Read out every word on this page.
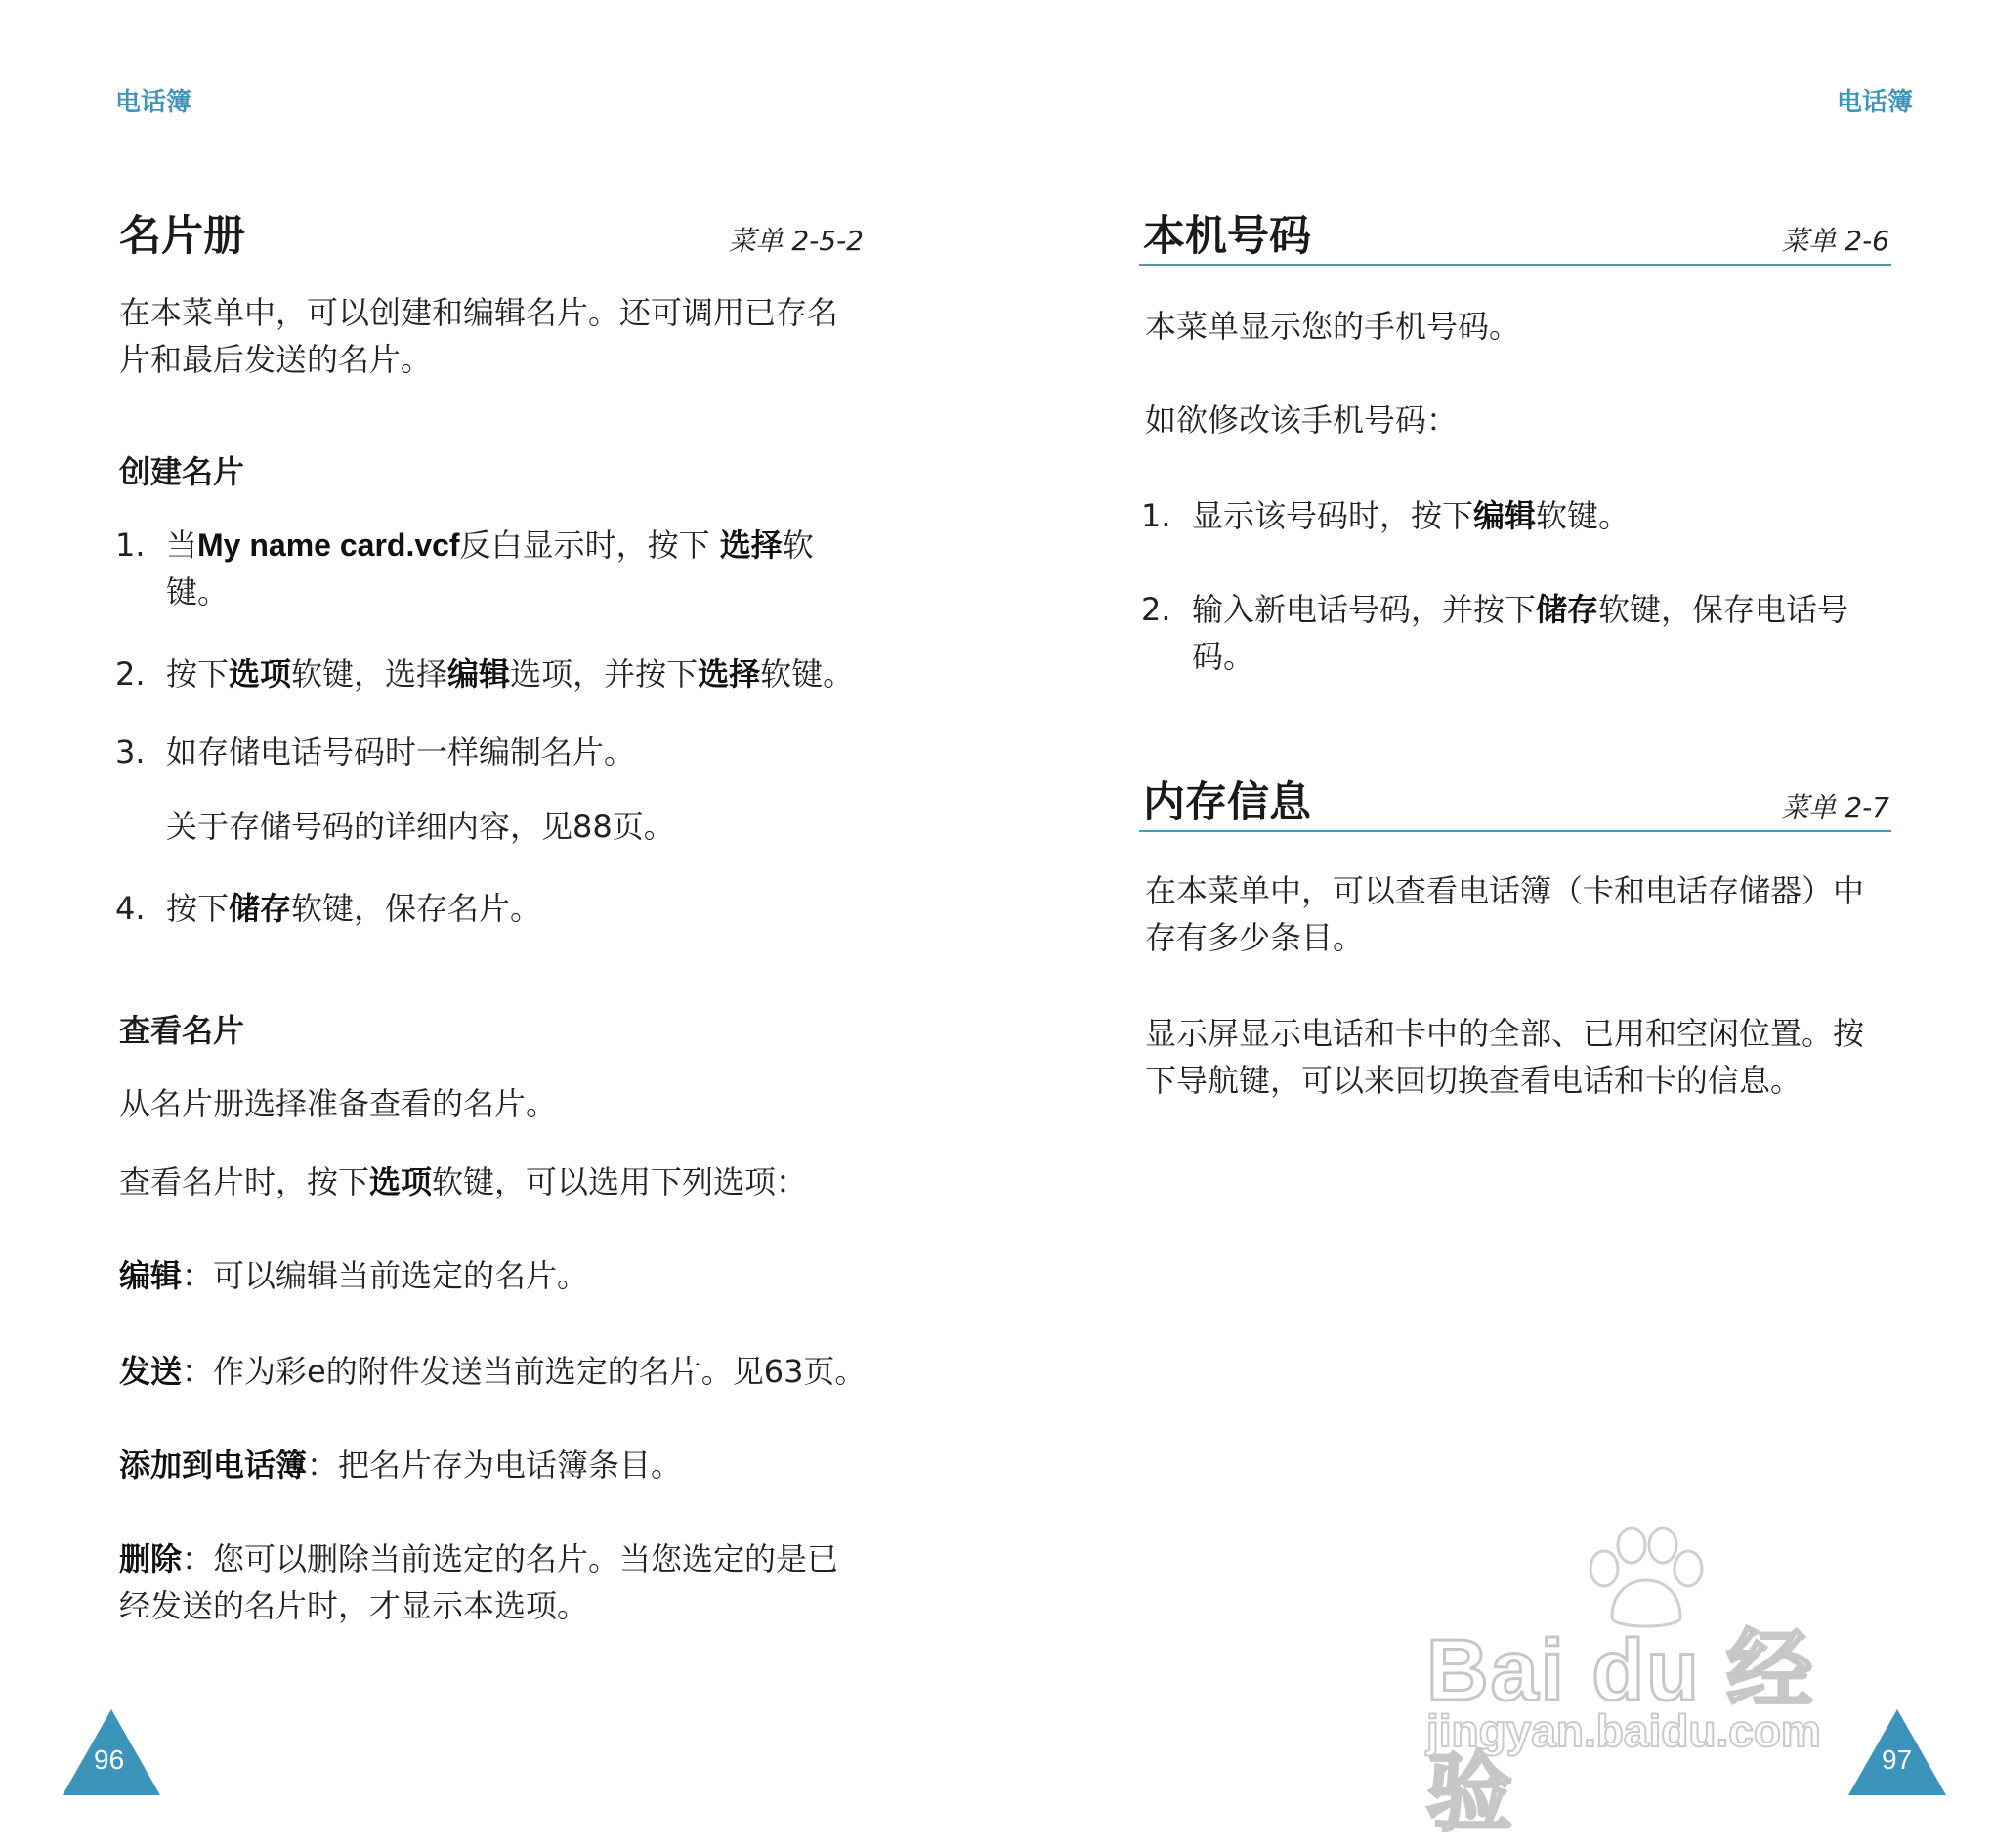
电话簿
名片册	菜单 2-5-2
在本菜单中，可以创建和编辑名片。还可调用已存名
片和最后发送的名片。
创建名片
1. 当My name card.vcf反白显示时，按下 选择软
键。
2. 按下选项软键，选择编辑选项，并按下选择软键。
3. 如存储电话号码时一样编制名片。
关于存储号码的详细内容，见88页。
4. 按下储存软键，保存名片。
查看名片
从名片册选择准备查看的名片。
查看名片时，按下选项软键，可以选用下列选项：
编辑：可以编辑当前选定的名片。
发送：作为彩e的附件发送当前选定的名片。见63页。
添加到电话簿：把名片存为电话簿条目。
删除：您可以删除当前选定的名片。当您选定的是已
经发送的名片时，才显示本选项。
96
电话簿
本机号码	菜单 2-6
本菜单显示您的手机号码。
如欲修改该手机号码：
1. 显示该号码时，按下编辑软键。
2. 输入新电话号码，并按下储存软键，保存电话号
码。
内存信息	菜单 2-7
在本菜单中，可以查看电话簿（卡和电话存储器）中
存有多少条目。
显示屏显示电话和卡中的全部、已用和空闲位置。按
下导航键，可以来回切换查看电话和卡的信息。
97
Bai du 经验
jingyan.baidu.com
